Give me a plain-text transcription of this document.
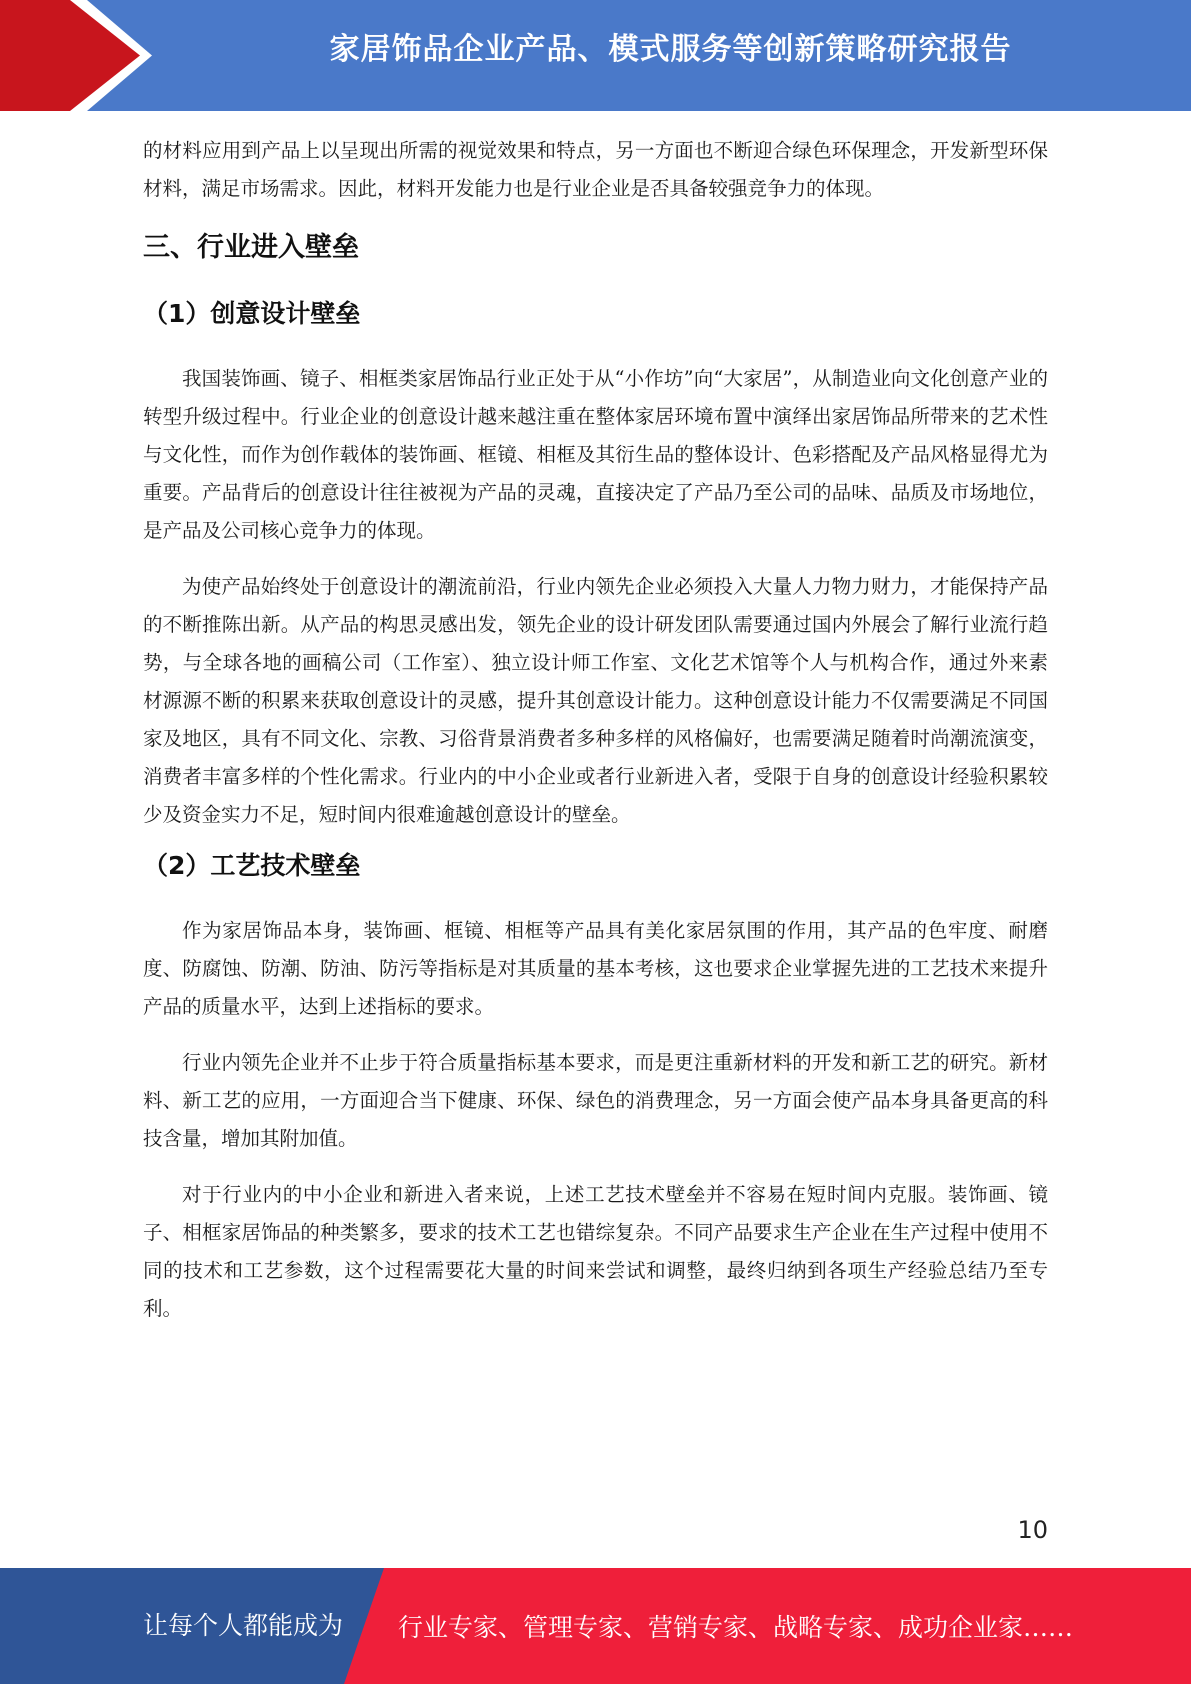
家居饰品企业产品、模式服务等创新策略研究报告

的材料应用到产品上以呈现出所需的视觉效果和特点，另一方面也不断迎合绿色环保理念，开发新型环保材料，满足市场需求。因此，材料开发能力也是行业企业是否具备较强竞争力的体现。

三、行业进入壁垒
（1）创意设计壁垒

我国装饰画、镜子、相框类家居饰品行业正处于从“小作坊”向“大家居”，从制造业向文化创意产业的转型升级过程中。行业企业的创意设计越来越注重在整体家居环境布置中演绎出家居饰品所带来的艺术性与文化性，而作为创作载体的装饰画、框镜、相框及其衍生品的整体设计、色彩搭配及产品风格显得尤为重要。产品背后的创意设计往往被视为产品的灵魂，直接决定了产品乃至公司的品味、品质及市场地位，是产品及公司核心竞争力的体现。

为使产品始终处于创意设计的潮流前沿，行业内领先企业必须投入大量人力物力财力，才能保持产品的不断推陈出新。从产品的构思灵感出发，领先企业的设计研发团队需要通过国内外展会了解行业流行趋势，与全球各地的画稿公司（工作室）、独立设计师工作室、文化艺术馆等个人与机构合作，通过外来素材源源不断的积累来获取创意设计的灵感，提升其创意设计能力。这种创意设计能力不仅需要满足不同国家及地区，具有不同文化、宗教、习俗背景消费者多种多样的风格偏好，也需要满足随着时尚潮流演变，消费者丰富多样的个性化需求。行业内的中小企业或者行业新进入者，受限于自身的创意设计经验积累较少及资金实力不足，短时间内很难逾越创意设计的壁垒。

（2）工艺技术壁垒

作为家居饰品本身，装饰画、框镜、相框等产品具有美化家居氛围的作用，其产品的色牢度、耐磨度、防腐蚀、防潮、防油、防污等指标是对其质量的基本考核，这也要求企业掌握先进的工艺技术来提升产品的质量水平，达到上述指标的要求。

行业内领先企业并不止步于符合质量指标基本要求，而是更注重新材料的开发和新工艺的研究。新材料、新工艺的应用，一方面迎合当下健康、环保、绿色的消费理念，另一方面会使产品本身具备更高的科技含量，增加其附加值。

对于行业内的中小企业和新进入者来说，上述工艺技术壁垒并不容易在短时间内克服。装饰画、镜子、相框家居饰品的种类繁多，要求的技术工艺也错综复杂。不同产品要求生产企业在生产过程中使用不同的技术和工艺参数，这个过程需要花大量的时间来尝试和调整，最终归纳到各项生产经验总结乃至专利。

10
让每个人都能成为 行业专家、管理专家、营销专家、战略专家、成功企业家……
